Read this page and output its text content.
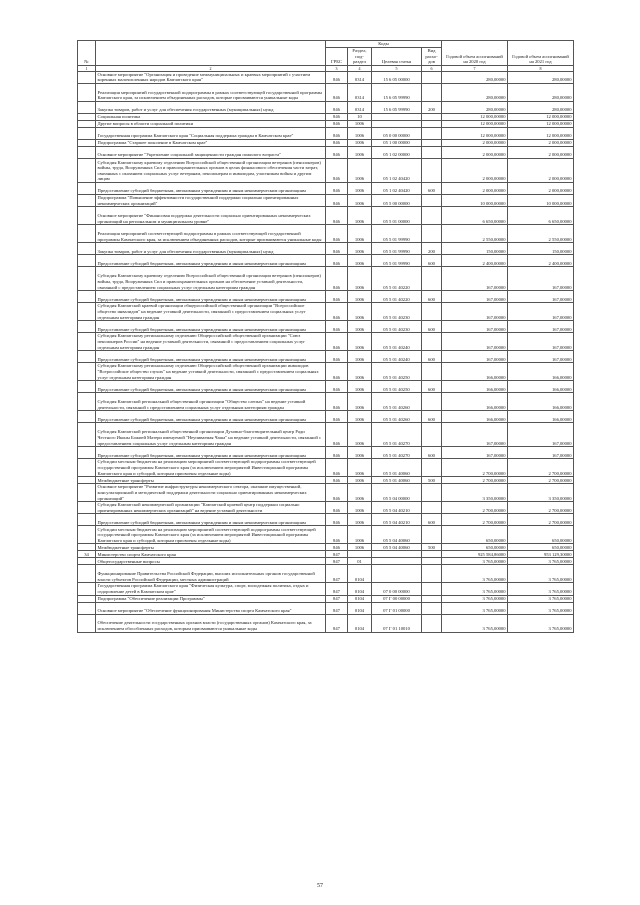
№		Коды				Годовой объем ассигнований на 2020 год	Годовой объем ассигнований на 2021 год
		ГРБС	Раздел, под-раздел	Целевая статья	Вид расхо-дов		
1	2	3	4	5	6	7	8
	Основное мероприятие "Организация и проведение межмуниципальных и краевых мероприятий с участием коренных малочисленных народов Камчатского края"	846	0314	15 6 05 00000		280,00000	280,00000
	Реализация мероприятий государственной подпрограммы в рамках соответствующей государственной программы Камчатского края, за исключением объединенных расходов, которые присваиваются уникальные коды	846	0314	15 6 05 99990		280,00000	280,00000
	Закупка товаров, работ и услуг для обеспечения государственных (муниципальных) нужд	846	0314	15 6 05 99990	200	280,00000	280,00000
	Социальная политика	846	10			12 000,00000	12 000,00000
	Другие вопросы в области социальной политики	846	1006			12 000,00000	12 000,00000
	Государственная программа Камчатского края "Социальная поддержка граждан в Камчатском крае"	846	1006	05 0 00 00000		12 000,00000	12 000,00000
	Подпрограмма "Старшее поколение в Камчатском крае"	846	1006	05 1 00 00000		2 000,00000	2 000,00000
	Основное мероприятие "Укрепление социальной защищенности граждан пожилого возраста"	846	1006	05 1 02 00000		2 000,00000	2 000,00000
	Субсидия Камчатскому краевому отделению Всероссийской общественной организации ветеранов (пенсионеров) войны, труда, Вооруженных Сил и правоохранительных органов в целях финансового обеспечения части затрат, связанных с оказанием социальных услуг ветеранам, пенсионерам и инвалидам, участникам войны и другим лицам	846	1006	05 1 02 40420		2 000,00000	2 000,00000
	Предоставление субсидий бюджетным, автономным учреждениям и иным некоммерческим организациям	846	1006	05 1 02 40420	600	2 000,00000	2 000,00000
	Подпрограмма "Повышение эффективности государственной поддержки социально ориентированных некоммерческих организаций"	846	1006	05 5 00 00000		10 000,00000	10 000,00000
	Основное мероприятие "Финансовая поддержка деятельности социально ориентированных некоммерческих организаций на региональном и муниципальном уровне"	846	1006	05 5 01 00000		6 650,00000	6 650,00000
	Реализация мероприятий соответствующей подпрограммы в рамках соответствующей государственной программы Камчатского края, за исключением объединенных расходов, которые присваиваются уникальные коды	846	1006	05 5 01 99990		2 550,00000	2 550,00000
	Закупка товаров, работ и услуг для обеспечения государственных (муниципальных) нужд	846	1006	05 5 01 99990	200	150,00000	150,00000
	Предоставление субсидий бюджетным, автономным учреждениям и иным некоммерческим организациям	846	1006	05 5 01 99990	600	2 400,00000	2 400,00000
	Субсидия Камчатскому краевому отделению Всероссийской общественной организации ветеранов (пенсионеров) войны, труда, Вооруженных Сил и правоохранительных органов на обеспечение уставной деятельности, связанной с предоставлением социальных услуг отдельным категориям граждан	846	1006	05 5 01 40220		167,00000	167,00000
	Предоставление субсидий бюджетным, автономным учреждениям и иным некоммерческим организациям	846	1006	05 5 01 40220	600	167,00000	167,00000
	Субсидия Камчатской краевой организации общероссийской общественной организации "Всероссийское общество инвалидов" на ведение уставной деятельности, связанной с предоставлением социальных услуг отдельным категориям граждан	846	1006	05 5 01 40230		167,00000	167,00000
	Предоставление субсидий бюджетным, автономным учреждениям и иным некоммерческим организациям	846	1006	05 5 01 40230	600	167,00000	167,00000
	Субсидия Камчатскому региональному отделению Общероссийской общественной организации "Союз пенсионеров России" на ведение уставной деятельности, связанной с предоставлением социальных услуг отдельным категориям граждан	846	1006	05 5 01 40240		167,00000	167,00000
	Предоставление субсидий бюджетным, автономным учреждениям и иным некоммерческим организациям	846	1006	05 5 01 40240	600	167,00000	167,00000
	Субсидия Камчатскому региональному отделению Общероссийской общественной организации инвалидов "Всероссийское общество глухих" на ведение уставной деятельности, связанной с предоставлением социальных услуг отдельным категориям граждан	846	1006	05 5 01 40250		166,00000	166,00000
	Предоставление субсидий бюджетным, автономным учреждениям и иным некоммерческим организациям	846	1006	05 5 01 40250	600	166,00000	166,00000
	Субсидия Камчатской региональной общественной организации "Общество слепых" на ведение уставной деятельности, связанной с предоставлением социальных услуг отдельным категориям граждан	846	1006	05 5 01 40260		166,00000	166,00000
	Предоставление субсидий бюджетным, автономным учреждениям и иным некоммерческим организациям	846	1006	05 5 01 40260	600	166,00000	166,00000
	Субсидия Камчатской региональной общественной организации Духовно-благотворительный центр Ради Честного Иконы Божией Матери именуемой "Неупиваемая Чаша" на ведение уставной деятельности, связанной с предоставлением социальных услуг отдельным категориям граждан	846	1006	05 5 01 40270		167,00000	167,00000
	Предоставление субсидий бюджетным, автономным учреждениям и иным некоммерческим организациям	846	1006	05 5 01 40270	600	167,00000	167,00000
	Субсидии местным бюджетам на реализацию мероприятий соответствующей подпрограммы соответствующей государственной программы Камчатского края (за исключением мероприятий Инвестиционной программы Камчатского края и субсидий, которым присвоены отдельные коды)	846	1006	05 5 01 40060		2 700,00000	2 700,00000
	Межбюджетные трансферты	846	1006	05 5 01 40060	500	2 700,00000	2 700,00000
	Основное мероприятие "Развитие инфраструктуры некоммерческого сектора, оказание имущественной, консультационной и методической поддержки деятельности социально ориентированных некоммерческих организаций"	846	1006	05 5 04 00000		3 350,00000	3 350,00000
	Субсидия Камчатской некоммерческой организации "Камчатский краевой центр поддержки социально ориентированных некоммерческих организаций" на ведение уставной деятельности	846	1006	05 5 04 40210		2 700,00000	2 700,00000
	Предоставление субсидий бюджетным, автономным учреждениям и иным некоммерческим организациям	846	1006	05 5 04 40210	600	2 700,00000	2 700,00000
	Субсидии местным бюджетам на реализацию мероприятий соответствующей подпрограммы соответствующей государственной программы Камчатского края (за исключением мероприятий Инвестиционной программы Камчатского края и субсидий, которым присвоены отдельные коды)	846	1006	05 5 04 40060		650,00000	650,00000
	Межбюджетные трансферты	846	1006	05 5 04 40060	500	650,00000	650,00000
34	Министерство спорта Камчатского края	847				925 584,86000	953 129,30000
	Общегосударственные вопросы	847	01			3 765,00000	3 765,00000
	Функционирование Правительства Российской Федерации, высших исполнительных органов государственной власти субъектов Российской Федерации, местных администраций	847	0104			3 765,00000	3 765,00000
	Государственная программа Камчатского края "Физическая культура, спорт, молодежная политика, отдых и оздоровление детей в Камчатском крае"	847	0104	07 0 00 00000		3 765,00000	3 765,00000
	Подпрограмма "Обеспечение реализации Программы"	847	0104	07 Г 00 00000		3 765,00000	3 765,00000
	Основное мероприятие "Обеспечение функционирования Министерства спорта Камчатского края"	847	0104	07 Г 01 00000		3 765,00000	3 765,00000
	Обеспечение деятельности государственных органов власти (государственных органов) Камчатского края, за исключением обособленных расходов, которым присваиваются уникальные коды	847	0104	07 Г 01 10010		3 765,00000	3 765,00000
57
